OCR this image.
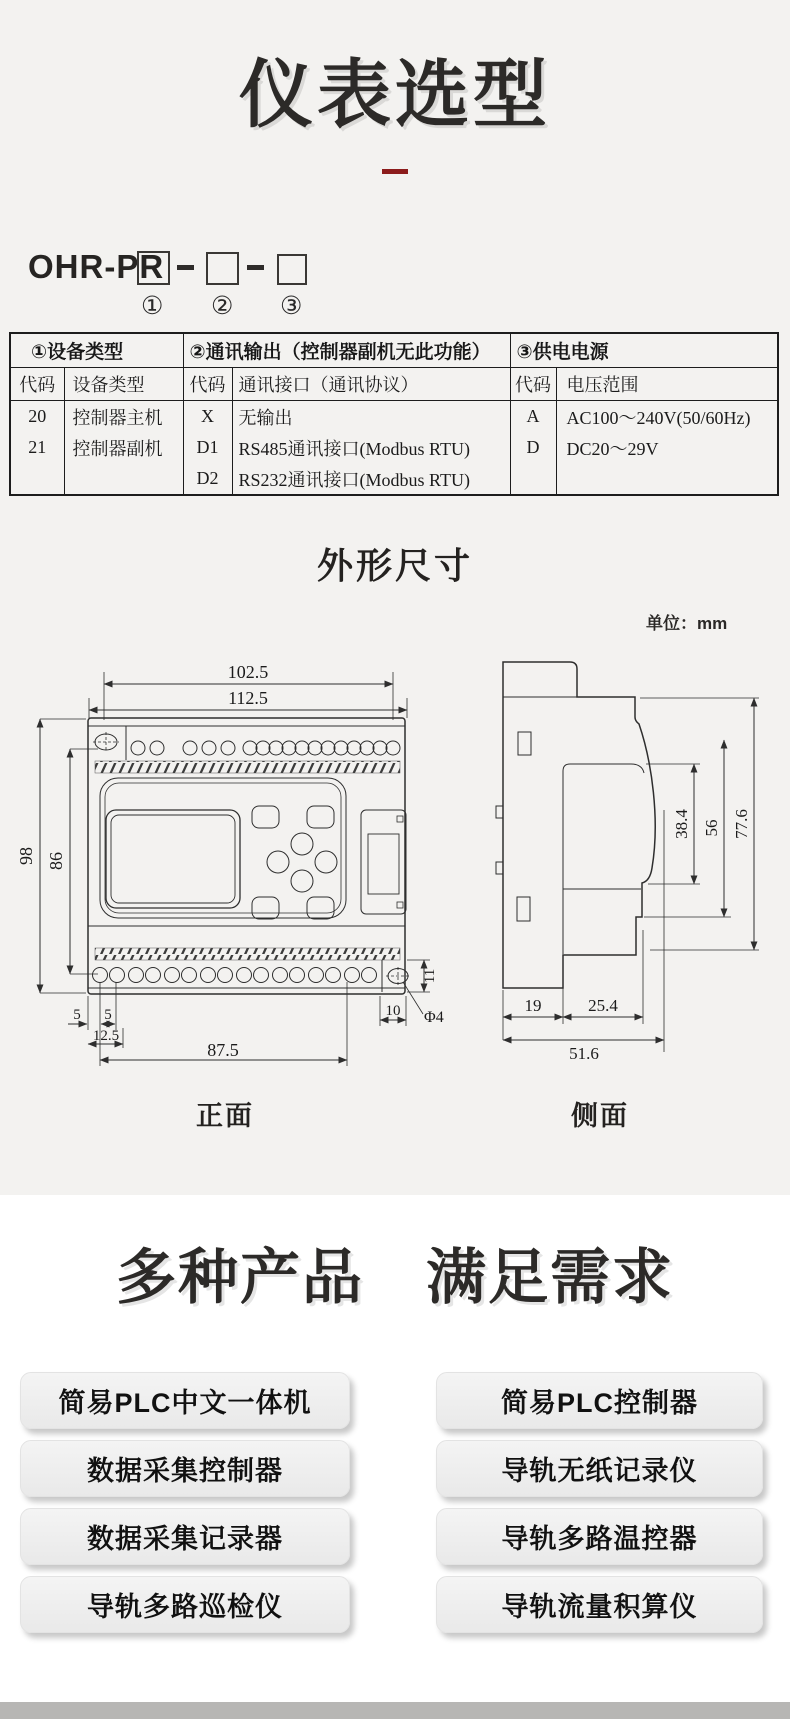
仪表选型
OHR-PR
① ② ③
①设备类型		②通讯输出（控制器副机无此功能）		③供电电源	
代码	设备类型	代码	通讯接口（通讯协议）	代码	电压范围
20	控制器主机	X	无输出	A	AC100～240V(50/60Hz)
21	控制器副机	D1	RS485通讯接口(Modbus RTU)	D	DC20～29V
		D2	RS232通讯接口(Modbus RTU)		
外形尺寸
单位：mm
102.5
112.5
98 86
5 5
12.5
87.5
10
11
Φ4
38.4 56 77.6
19	25.4
51.6
正面	侧面
多种产品　满足需求
简易PLC中文一体机
数据采集控制器
数据采集记录器
导轨多路巡检仪
简易PLC控制器
导轨无纸记录仪
导轨多路温控器
导轨流量积算仪
